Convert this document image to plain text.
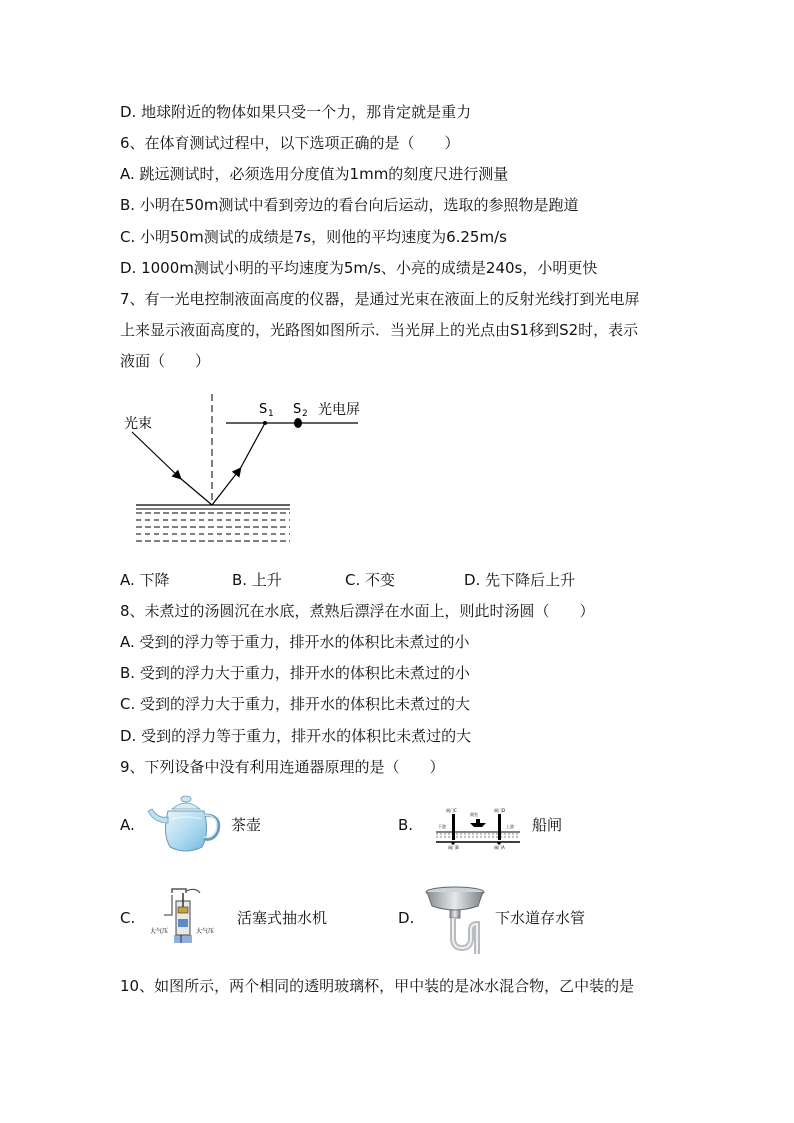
D. 地球附近的物体如果只受一个力，那肯定就是重力
6、在体育测试过程中，以下选项正确的是（　　）
A. 跳远测试时，必须选用分度值为1mm的刻度尺进行测量
B. 小明在50m测试中看到旁边的看台向后运动，选取的参照物是跑道
C. 小明50m测试的成绩是7s，则他的平均速度为6.25m/s
D. 1000m测试小明的平均速度为5m/s、小亮的成绩是240s，小明更快
7、有一光电控制液面高度的仪器，是通过光束在液面上的反射光线打到光电屏
上来显示液面高度的，光路图如图所示．当光屏上的光点由S1移到S2时，表示
液面（　　）
光束
S 1 S 2 光电屏
A. 下降	B. 上升	C. 不变	D. 先下降后上升
8、未煮过的汤圆沉在水底，煮熟后漂浮在水面上，则此时汤圆（　　）
A. 受到的浮力等于重力，排开水的体积比未煮过的小
B. 受到的浮力大于重力，排开水的体积比未煮过的小
C. 受到的浮力大于重力，排开水的体积比未煮过的大
D. 受到的浮力等于重力，排开水的体积比未煮过的大
9、下列设备中没有利用连通器原理的是（　　）
A.	茶壶	B.
闸门C	闸门D
闸室
下游	上游
阀门B	阀门A
船闸
C.
大气压	大气压
活塞式抽水机	D.	下水道存水管
10、如图所示，两个相同的透明玻璃杯，甲中装的是冰水混合物，乙中装的是
